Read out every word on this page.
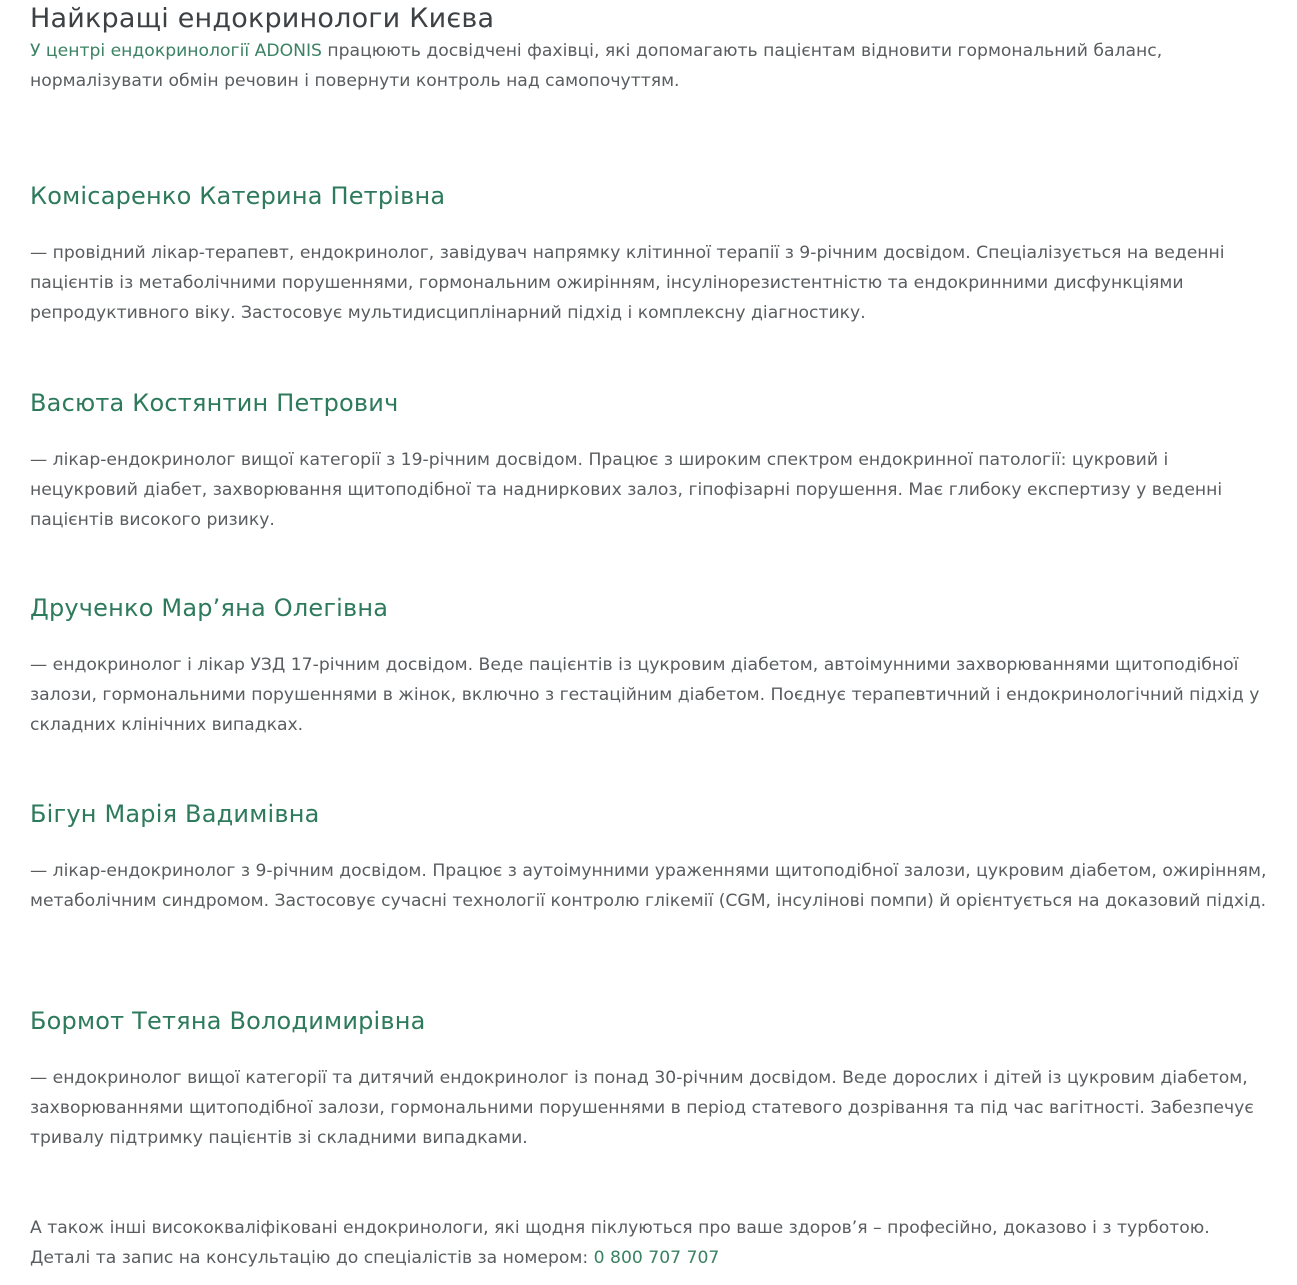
Найкращі ендокринологи Києва

У центрі ендокринології ADONIS працюють досвідчені фахівці, які допомагають пацієнтам відновити гормональний баланс, нормалізувати обмін речовин і повернути контроль над самопочуттям.

Комісаренко Катерина Петрівна

— провідний лікар-терапевт, ендокринолог, завідувач напрямку клітинної терапії з 9-річним досвідом. Спеціалізується на веденні пацієнтів із метаболічними порушеннями, гормональним ожирінням, інсулінорезистентністю та ендокринними дисфункціями репродуктивного віку. Застосовує мультидисциплінарний підхід і комплексну діагностику.

Васюта Костянтин Петрович

— лікар-ендокринолог вищої категорії з 19-річним досвідом. Працює з широким спектром ендокринної патології: цукровий і нецукровий діабет, захворювання щитоподібної та надниркових залоз, гіпофізарні порушення. Має глибоку експертизу у веденні пацієнтів високого ризику.

Друченко Мар’яна Олегівна

— ендокринолог і лікар УЗД 17-річним досвідом. Веде пацієнтів із цукровим діабетом, автоімунними захворюваннями щитоподібної залози, гормональними порушеннями в жінок, включно з гестаційним діабетом. Поєднує терапевтичний і ендокринологічний підхід у складних клінічних випадках.

Бігун Марія Вадимівна

— лікар-ендокринолог з 9-річним досвідом. Працює з аутоімунними ураженнями щитоподібної залози, цукровим діабетом, ожирінням, метаболічним синдромом. Застосовує сучасні технології контролю глікемії (CGM, інсулінові помпи) й орієнтується на доказовий підхід.

Бормот Тетяна Володимирівна

— ендокринолог вищої категорії та дитячий ендокринолог із понад 30-річним досвідом. Веде дорослих і дітей із цукровим діабетом, захворюваннями щитоподібної залози, гормональними порушеннями в період статевого дозрівання та під час вагітності. Забезпечує тривалу підтримку пацієнтів зі складними випадками.

А також інші висококваліфіковані ендокринологи, які щодня піклуються про ваше здоров’я – професійно, доказово і з турботою.

Деталі та запис на консультацію до спеціалістів за номером: 0 800 707 707
